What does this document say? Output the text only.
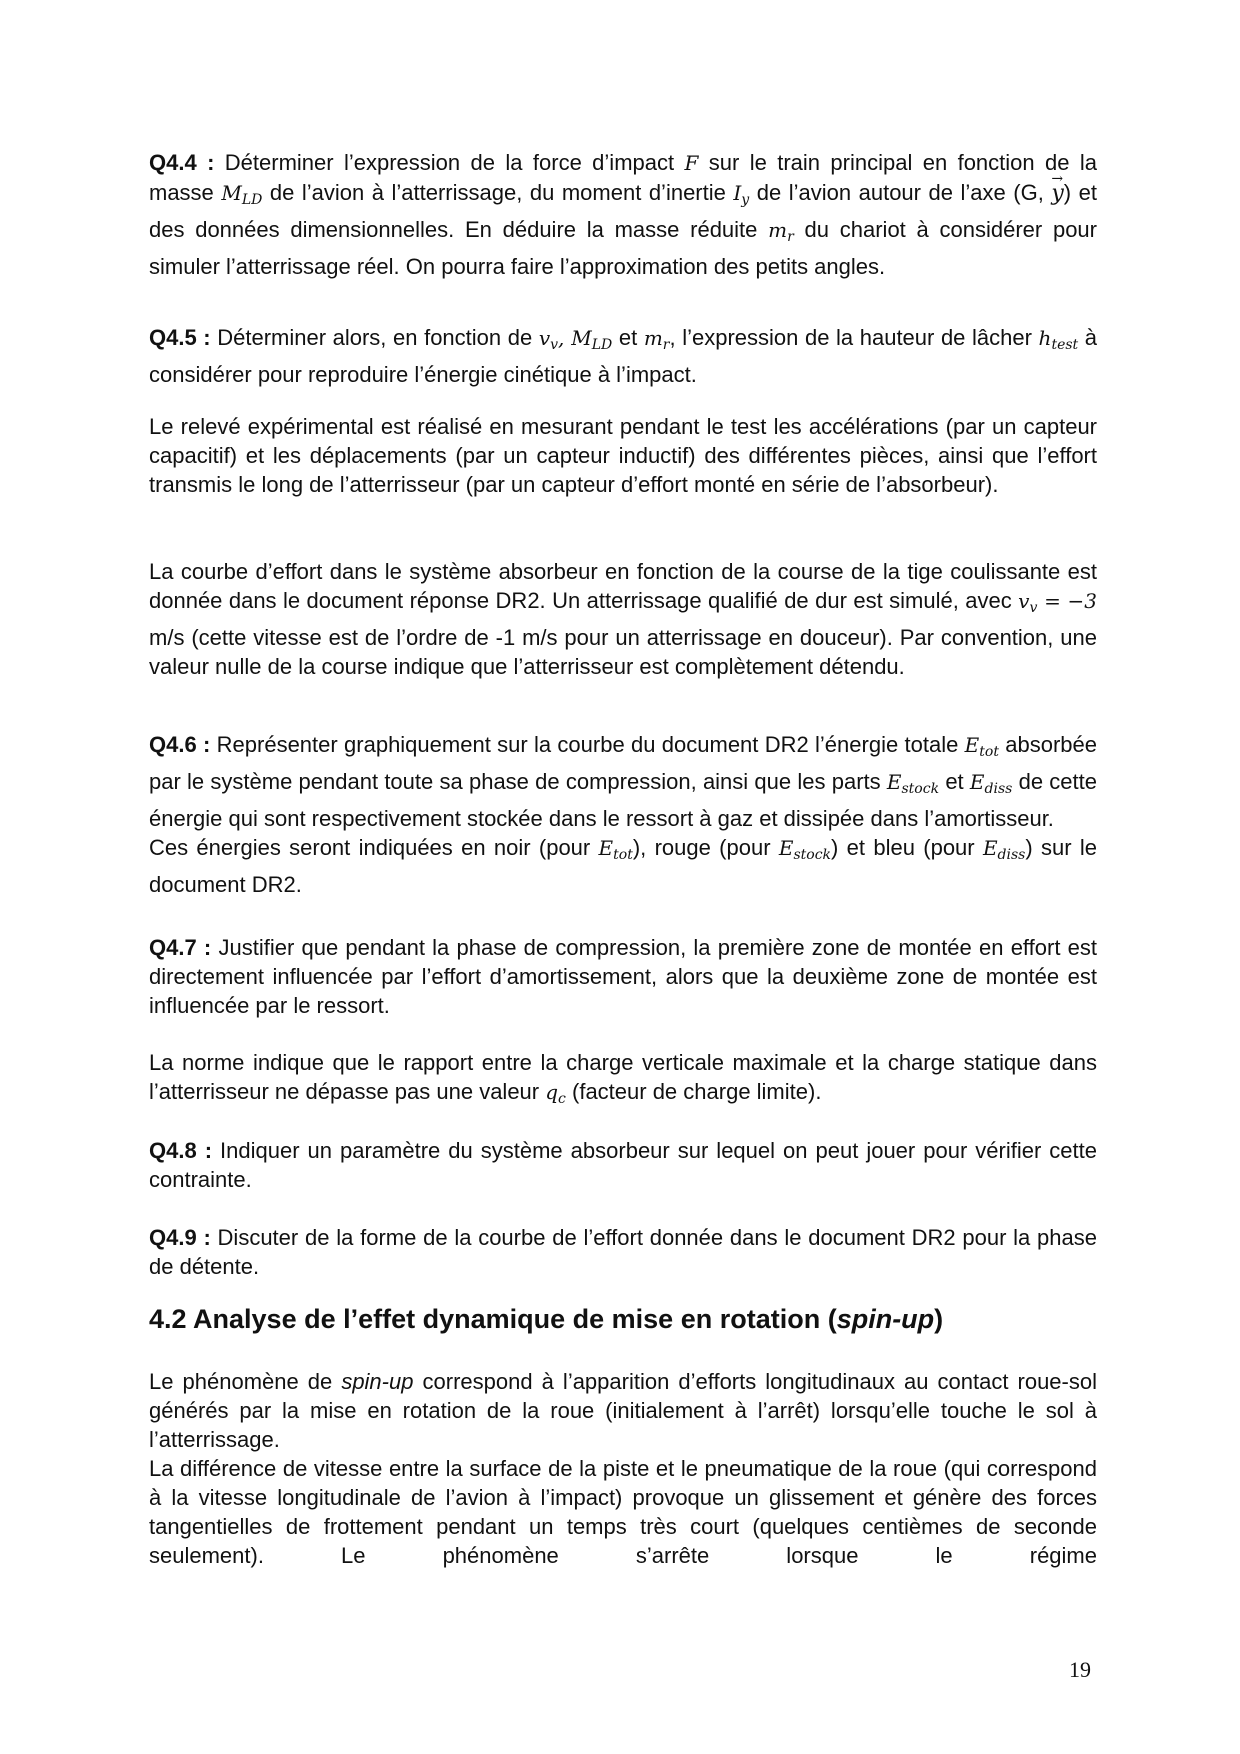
Q4.4 : Déterminer l’expression de la force d’impact F sur le train principal en fonction de la masse $M_{LD}$ de l’avion à l’atterrissage, du moment d’inertie $I_y$ de l’avion autour de l’axe (G, y →) et des données dimensionnelles. En déduire la masse réduite $m_r$ du chariot à considérer pour simuler l’atterrissage réel. On pourra faire l’approximation des petits angles.

Q4.5 : Déterminer alors, en fonction de $v_v$, $M_{LD}$ et $m_r$, l’expression de la hauteur de lâcher $h_{test}$ à considérer pour reproduire l’énergie cinétique à l’impact.

Le relevé expérimental est réalisé en mesurant pendant le test les accélérations (par un capteur capacitif) et les déplacements (par un capteur inductif) des différentes pièces, ainsi que l’effort transmis le long de l’atterrisseur (par un capteur d’effort monté en série de l’absorbeur).

La courbe d’effort dans le système absorbeur en fonction de la course de la tige coulissante est donnée dans le document réponse DR2. Un atterrissage qualifié de dur est simulé, avec $v_v = -3$ m/s (cette vitesse est de l’ordre de -1 m/s pour un atterrissage en douceur). Par convention, une valeur nulle de la course indique que l’atterrisseur est complètement détendu.

Q4.6 : Représenter graphiquement sur la courbe du document DR2 l’énergie totale $E_{tot}$ absorbée par le système pendant toute sa phase de compression, ainsi que les parts $E_{stock}$ et $E_{diss}$ de cette énergie qui sont respectivement stockée dans le ressort à gaz et dissipée dans l’amortisseur.
Ces énergies seront indiquées en noir (pour $E_{tot}$), rouge (pour $E_{stock}$) et bleu (pour $E_{diss}$) sur le document DR2.

Q4.7 : Justifier que pendant la phase de compression, la première zone de montée en effort est directement influencée par l’effort d’amortissement, alors que la deuxième zone de montée est influencée par le ressort.

La norme indique que le rapport entre la charge verticale maximale et la charge statique dans l’atterrisseur ne dépasse pas une valeur $q_c$ (facteur de charge limite).

Q4.8 : Indiquer un paramètre du système absorbeur sur lequel on peut jouer pour vérifier cette contrainte.

Q4.9 : Discuter de la forme de la courbe de l’effort donnée dans le document DR2 pour la phase de détente.

4.2 Analyse de l’effet dynamique de mise en rotation (spin-up)

Le phénomène de spin-up correspond à l’apparition d’efforts longitudinaux au contact roue-sol générés par la mise en rotation de la roue (initialement à l’arrêt) lorsqu’elle touche le sol à l’atterrissage.

La différence de vitesse entre la surface de la piste et le pneumatique de la roue (qui correspond à la vitesse longitudinale de l’avion à l’impact) provoque un glissement et génère des forces tangentielles de frottement pendant un temps très court (quelques centièmes de seconde seulement). Le phénomène s’arrête lorsque le régime

19
